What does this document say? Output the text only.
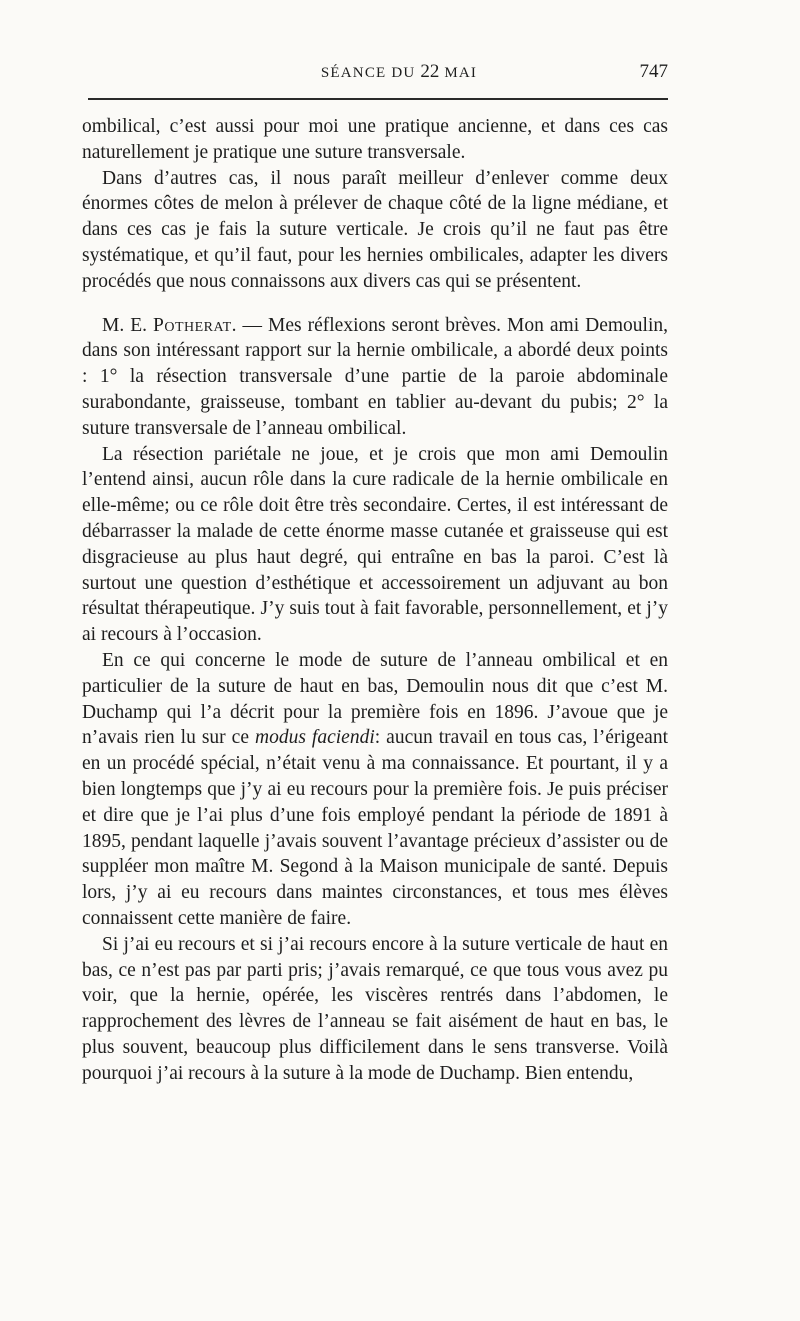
SÉANCE DU 22 MAI	747

ombilical, c’est aussi pour moi une pratique ancienne, et dans ces cas naturellement je pratique une suture transversale.

Dans d’autres cas, il nous paraît meilleur d’enlever comme deux énormes côtes de melon à prélever de chaque côté de la ligne médiane, et dans ces cas je fais la suture verticale. Je crois qu’il ne faut pas être systématique, et qu’il faut, pour les hernies ombilicales, adapter les divers procédés que nous connaissons aux divers cas qui se présentent.

M. E. Potherat. — Mes réflexions seront brèves. Mon ami Demoulin, dans son intéressant rapport sur la hernie ombilicale, a abordé deux points : 1° la résection transversale d’une partie de la paroie abdominale surabondante, graisseuse, tombant en tablier au-devant du pubis; 2° la suture transversale de l’anneau ombilical.

La résection pariétale ne joue, et je crois que mon ami Demoulin l’entend ainsi, aucun rôle dans la cure radicale de la hernie ombilicale en elle-même; ou ce rôle doit être très secondaire. Certes, il est intéressant de débarrasser la malade de cette énorme masse cutanée et graisseuse qui est disgracieuse au plus haut degré, qui entraîne en bas la paroi. C’est là surtout une question d’esthétique et accessoirement un adjuvant au bon résultat thérapeutique. J’y suis tout à fait favorable, personnellement, et j’y ai recours à l’occasion.

En ce qui concerne le mode de suture de l’anneau ombilical et en particulier de la suture de haut en bas, Demoulin nous dit que c’est M. Duchamp qui l’a décrit pour la première fois en 1896. J’avoue que je n’avais rien lu sur ce modus faciendi: aucun travail en tous cas, l’érigeant en un procédé spécial, n’était venu à ma connaissance. Et pourtant, il y a bien longtemps que j’y ai eu recours pour la première fois. Je puis préciser et dire que je l’ai plus d’une fois employé pendant la période de 1891 à 1895, pendant laquelle j’avais souvent l’avantage précieux d’assister ou de suppléer mon maître M. Segond à la Maison municipale de santé. Depuis lors, j’y ai eu recours dans maintes circonstances, et tous mes élèves connaissent cette manière de faire.

Si j’ai eu recours et si j’ai recours encore à la suture verticale de haut en bas, ce n’est pas par parti pris; j’avais remarqué, ce que tous vous avez pu voir, que la hernie, opérée, les viscères rentrés dans l’abdomen, le rapprochement des lèvres de l’anneau se fait aisément de haut en bas, le plus souvent, beaucoup plus difficilement dans le sens transverse. Voilà pourquoi j’ai recours à la suture à la mode de Duchamp. Bien entendu,
